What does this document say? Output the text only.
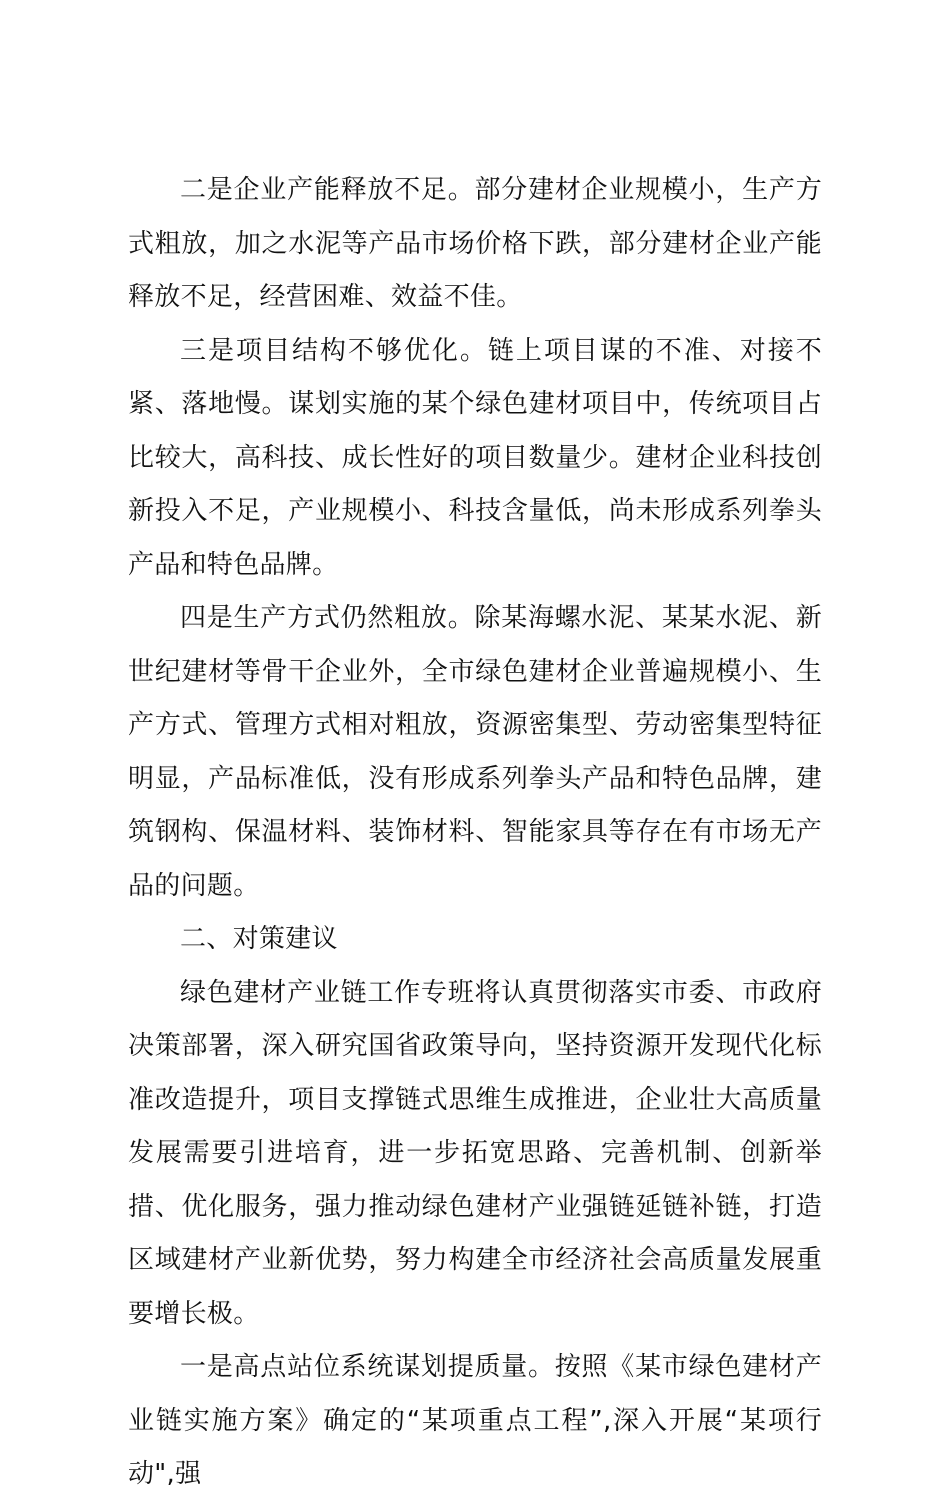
二是企业产能释放不足。部分建材企业规模小，生产方式粗放，加之水泥等产品市场价格下跌，部分建材企业产能释放不足，经营困难、效益不佳。

三是项目结构不够优化。链上项目谋的不准、对接不紧、落地慢。谋划实施的某个绿色建材项目中，传统项目占比较大，高科技、成长性好的项目数量少。建材企业科技创新投入不足，产业规模小、科技含量低，尚未形成系列拳头产品和特色品牌。

四是生产方式仍然粗放。除某海螺水泥、某某水泥、新世纪建材等骨干企业外，全市绿色建材企业普遍规模小、生产方式、管理方式相对粗放，资源密集型、劳动密集型特征明显，产品标准低，没有形成系列拳头产品和特色品牌，建筑钢构、保温材料、装饰材料、智能家具等存在有市场无产品的问题。

二、对策建议

绿色建材产业链工作专班将认真贯彻落实市委、市政府决策部署，深入研究国省政策导向，坚持资源开发现代化标准改造提升，项目支撑链式思维生成推进，企业壮大高质量发展需要引进培育，进一步拓宽思路、完善机制、创新举措、优化服务，强力推动绿色建材产业强链延链补链，打造区域建材产业新优势，努力构建全市经济社会高质量发展重要增长极。

一是高点站位系统谋划提质量。按照《某市绿色建材产业链实施方案》确定的“某项重点工程”,深入开展“某项行动",强
